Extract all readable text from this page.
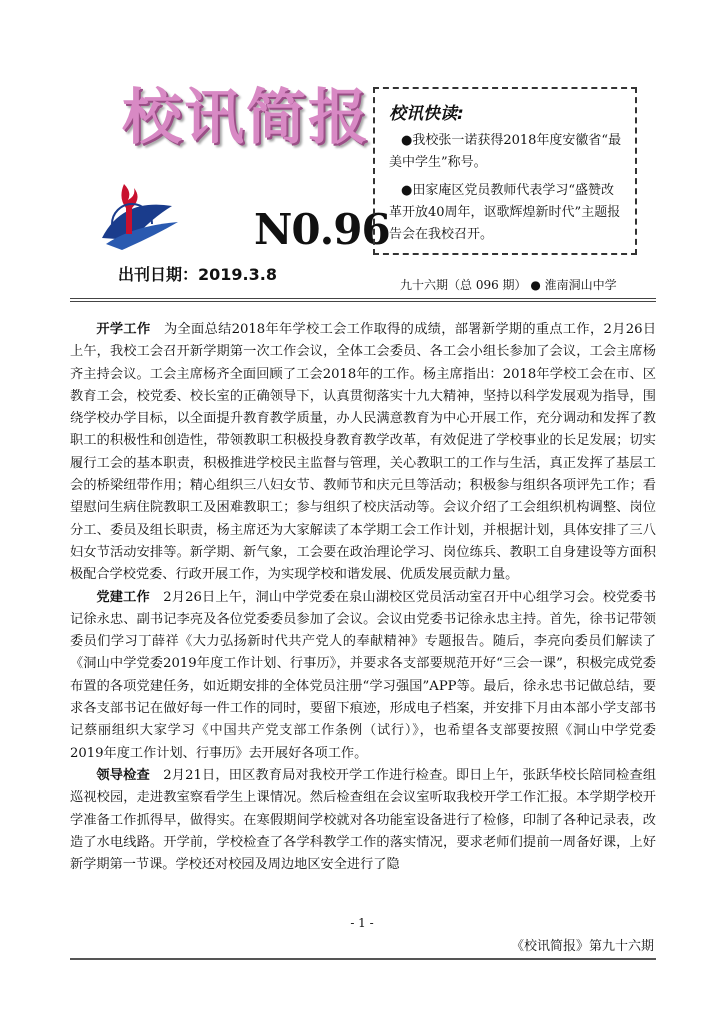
校讯简报
N0.96
出刊日期：2019.3.8
校讯快读:
●我校张一诺获得2018年度安徽省“最美中学生”称号。
●田家庵区党员教师代表学习“盛赞改革开放40周年，讴歌辉煌新时代”主题报告会在我校召开。
九十六期（总 096 期） ● 淮南洞山中学

开学工作　 为全面总结2018年年学校工会工作取得的成绩，部署新学期的重点工作，2月26日上午，我校工会召开新学期第一次工作会议，全体工会委员、各工会小组长参加了会议，工会主席杨齐主持会议。工会主席杨齐全面回顾了工会2018年的工作。杨主席指出：2018年学校工会在市、区教育工会，校党委、校长室的正确领导下，认真贯彻落实十九大精神，坚持以科学发展观为指导，围绕学校办学目标，以全面提升教育教学质量，办人民满意教育为中心开展工作，充分调动和发挥了教职工的积极性和创造性，带领教职工积极投身教育教学改革，有效促进了学校事业的长足发展；切实履行工会的基本职责，积极推进学校民主监督与管理，关心教职工的工作与生活，真正发挥了基层工会的桥梁纽带作用；精心组织三八妇女节、教师节和庆元旦等活动；积极参与组织各项评先工作；看望慰问生病住院教职工及困难教职工；参与组织了校庆活动等。会议介绍了工会组织机构调整、岗位分工、委员及组长职责，杨主席还为大家解读了本学期工会工作计划，并根据计划，具体安排了三八妇女节活动安排等。新学期、新气象，工会要在政治理论学习、岗位练兵、教职工自身建设等方面积极配合学校党委、行政开展工作，为实现学校和谐发展、优质发展贡献力量。

党建工作　 2月26日上午，洞山中学党委在泉山湖校区党员活动室召开中心组学习会。校党委书记徐永忠、副书记李亮及各位党委委员参加了会议。会议由党委书记徐永忠主持。首先，徐书记带领委员们学习丁薛祥《大力弘扬新时代共产党人的奉献精神》专题报告。随后，李亮向委员们解读了《洞山中学党委2019年度工作计划、行事历》，并要求各支部要规范开好“三会一课”，积极完成党委布置的各项党建任务，如近期安排的全体党员注册“学习强国”APP等。最后，徐永忠书记做总结，要求各支部书记在做好每一件工作的同时，要留下痕迹，形成电子档案，并安排下月由本部小学支部书记蔡丽组织大家学习《中国共产党支部工作条例（试行）》，也希望各支部要按照《洞山中学党委2019年度工作计划、行事历》去开展好各项工作。

领导检查　 2月21日，田区教育局对我校开学工作进行检查。即日上午，张跃华校长陪同检查组巡视校园，走进教室察看学生上课情况。然后检查组在会议室听取我校开学工作汇报。本学期学校开学准备工作抓得早，做得实。在寒假期间学校就对各功能室设备进行了检修，印制了各种记录表，改造了水电线路。开学前，学校检查了各学科教学工作的落实情况，要求老师们提前一周备好课，上好新学期第一节课。学校还对校园及周边地区安全进行了隐

- 1 -
《校讯简报》第九十六期
